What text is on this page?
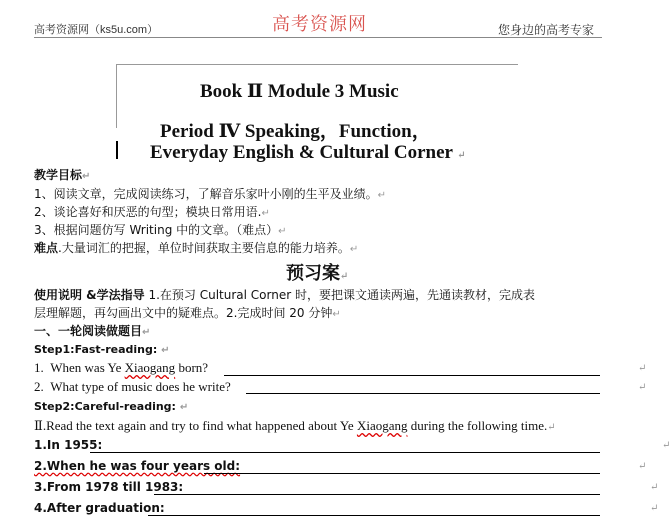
高考资源网（ks5u.com）	高考资源网	您身边的高考专家
Book Ⅱ Module 3 Music
Period Ⅳ Speaking，Function，
Everyday English & Cultural Corner ↵
教学目标↵
1、阅读文章，完成阅读练习，了解音乐家叶小刚的生平及业绩。↵
2、谈论喜好和厌恶的句型；模块日常用语.↵
3、根据问题仿写 Writing 中的文章。（难点）↵
难点.大量词汇的把握，单位时间获取主要信息的能力培养。↵
预习案↵
使用说明 &学法指导 1.在预习 Cultural Corner 时，要把课文通读两遍，先通读教材，完成表
层理解题，再勾画出文中的疑难点。2.完成时间 20 分钟↵
一、一轮阅读做题目↵
Step1:Fast-reading: ↵
1. When was Ye Xiaogang born?	↵
2. What type of music does he write?	↵
Step2:Careful-reading: ↵
Ⅱ.Read the text again and try to find what happened about Ye Xiaogang during the following time.↵
1.In 1955:	↵
2.When he was four years old:	↵
3.From 1978 till 1983:	↵
4.After graduation:	↵
